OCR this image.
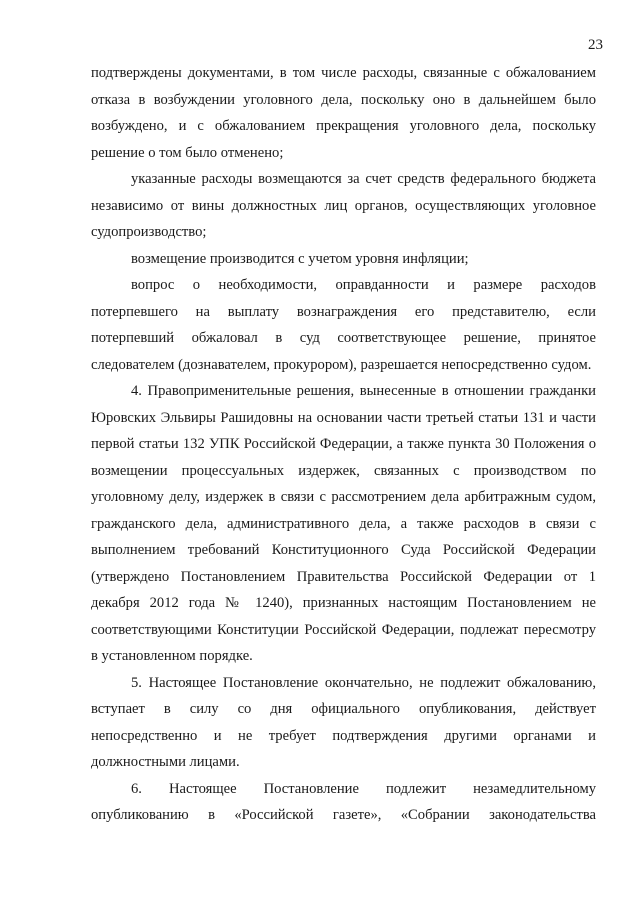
23

подтверждены документами, в том числе расходы, связанные с обжалованием отказа в возбуждении уголовного дела, поскольку оно в дальнейшем было возбуждено, и с обжалованием прекращения уголовного дела, поскольку решение о том было отменено;

указанные расходы возмещаются за счет средств федерального бюджета независимо от вины должностных лиц органов, осуществляющих уголовное судопроизводство;

возмещение производится с учетом уровня инфляции;

вопрос о необходимости, оправданности и размере расходов потерпевшего на выплату вознаграждения его представителю, если потерпевший обжаловал в суд соответствующее решение, принятое следователем (дознавателем, прокурором), разрешается непосредственно судом.

4. Правоприменительные решения, вынесенные в отношении гражданки Юровских Эльвиры Рашидовны на основании части третьей статьи 131 и части первой статьи 132 УПК Российской Федерации, а также пункта 30 Положения о возмещении процессуальных издержек, связанных с производством по уголовному делу, издержек в связи с рассмотрением дела арбитражным судом, гражданского дела, административного дела, а также расходов в связи с выполнением требований Конституционного Суда Российской Федерации (утверждено Постановлением Правительства Российской Федерации от 1 декабря 2012 года № 1240), признанных настоящим Постановлением не соответствующими Конституции Российской Федерации, подлежат пересмотру в установленном порядке.

5. Настоящее Постановление окончательно, не подлежит обжалованию, вступает в силу со дня официального опубликования, действует непосредственно и не требует подтверждения другими органами и должностными лицами.

6. Настоящее Постановление подлежит незамедлительному опубликованию в «Российской газете», «Собрании законодательства
